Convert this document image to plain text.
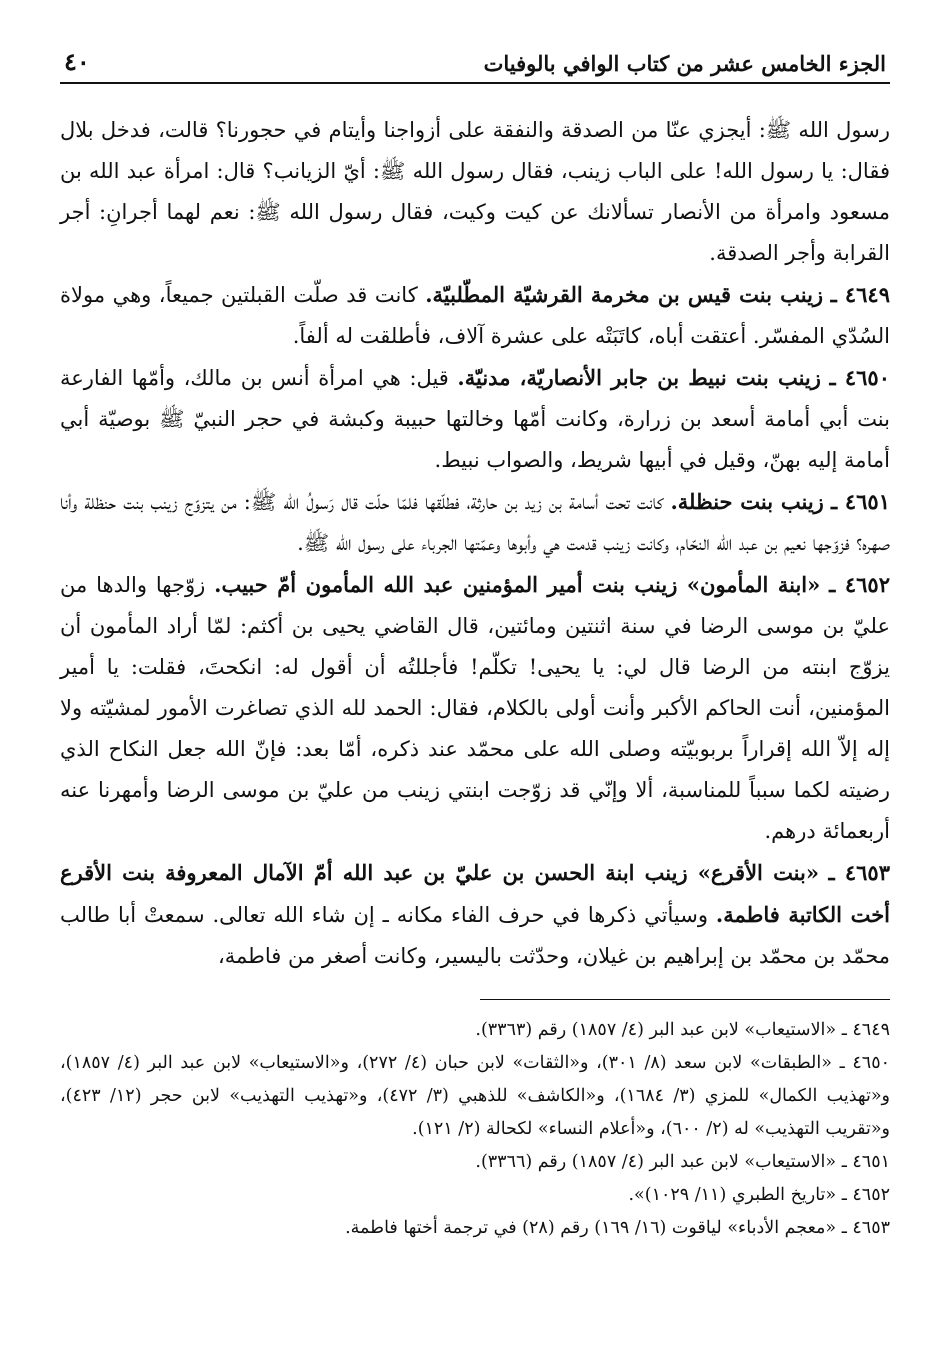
الجزء الخامس عشر من كتاب الوافي بالوفيات
٤٠

رسول الله ﷺ: أيجزي عنّا من الصدقة والنفقة على أزواجنا وأيتام في حجورنا؟ قالت، فدخل بلال فقال: يا رسول الله! على الباب زينب، فقال رسول الله ﷺ: أيّ الزيانب؟ قال: امرأة عبد الله بن مسعود وامرأة من الأنصار تسألانك عن كيت وكيت، فقال رسول الله ﷺ: نعم لهما أجرانِ: أجر القرابة وأجر الصدقة.

٤٦٤٩ ـ زينب بنت قيس بن مخرمة القرشيّة المطّلبيّة. كانت قد صلّت القبلتين جميعاً، وهي مولاة السُدّي المفسّر. أعتقت أباه، كاتَبَتْه على عشرة آلاف، فأطلقت له ألفاً.

٤٦٥٠ ـ زينب بنت نبيط بن جابر الأنصاريّة، مدنيّة. قيل: هي امرأة أنس بن مالك، وأمّها الفارعة بنت أبي أمامة أسعد بن زرارة، وكانت أمّها وخالتها حبيبة وكبشة في حجر النبيّ ﷺ بوصيّة أبي أمامة إليه بهنّ، وقيل في أبيها شريط، والصواب نبيط.

٤٦٥١ ـ زينب بنت حنظلة. كانت تحت أسامة بن زيد بن حارثة، فطلّقها فلمّا حلّت قال رَسولُ الله ﷺ: من يتزوّج زينب بنت حنظلة وأنا صهره؟ فزوّجها نعيم بن عبد الله النحّام، وكانت زينب قدمت هي وأبوها وعمّتها الجرباء على رسول الله ﷺ.

٤٦٥٢ ـ «ابنة المأمون» زينب بنت أمير المؤمنين عبد الله المأمون أمّ حبيب. زوّجها والدها من عليّ بن موسى الرضا في سنة اثنتين ومائتين، قال القاضي يحيى بن أكثم: لمّا أراد المأمون أن يزوّج ابنته من الرضا قال لي: يا يحيى! تكلّم! فأجللتُه أن أقول له: انكحتَ، فقلت: يا أمير المؤمنين، أنت الحاكم الأكبر وأنت أولى بالكلام، فقال: الحمد لله الذي تصاغرت الأمور لمشيّته ولا إله إلاّ الله إقراراً بربوبيّته وصلى الله على محمّد عند ذكره، أمّا بعد: فإنّ الله جعل النكاح الذي رضيته لكما سبباً للمناسبة، ألا وإنّي قد زوّجت ابنتي زينب من عليّ بن موسى الرضا وأمهرنا عنه أربعمائة درهم.

٤٦٥٣ ـ «بنت الأقرع» زينب ابنة الحسن بن عليّ بن عبد الله أمّ الآمال المعروفة بنت الأقرع أخت الكاتبة فاطمة. وسيأتي ذكرها في حرف الفاء مكانه ـ إن شاء الله تعالى. سمعتْ أبا طالب محمّد بن محمّد بن إبراهيم بن غيلان، وحدّثت باليسير، وكانت أصغر من فاطمة،

٤٦٤٩ ـ «الاستيعاب» لابن عبد البر (٤/ ١٨٥٧) رقم (٣٣٦٣).

٤٦٥٠ ـ «الطبقات» لابن سعد (٨/ ٣٠١)، و«الثقات» لابن حبان (٤/ ٢٧٢)، و«الاستيعاب» لابن عبد البر (٤/ ١٨٥٧)، و«تهذيب الكمال» للمزي (٣/ ١٦٨٤)، و«الكاشف» للذهبي (٣/ ٤٧٢)، و«تهذيب التهذيب» لابن حجر (١٢/ ٤٢٣)، و«تقريب التهذيب» له (٢/ ٦٠٠)، و«أعلام النساء» لكحالة (٢/ ١٢١).

٤٦٥١ ـ «الاستيعاب» لابن عبد البر (٤/ ١٨٥٧) رقم (٣٣٦٦).

٤٦٥٢ ـ «تاريخ الطبري (١١/ ١٠٢٩)».

٤٦٥٣ ـ «معجم الأدباء» لياقوت (١٦/ ١٦٩) رقم (٢٨) في ترجمة أختها فاطمة.
